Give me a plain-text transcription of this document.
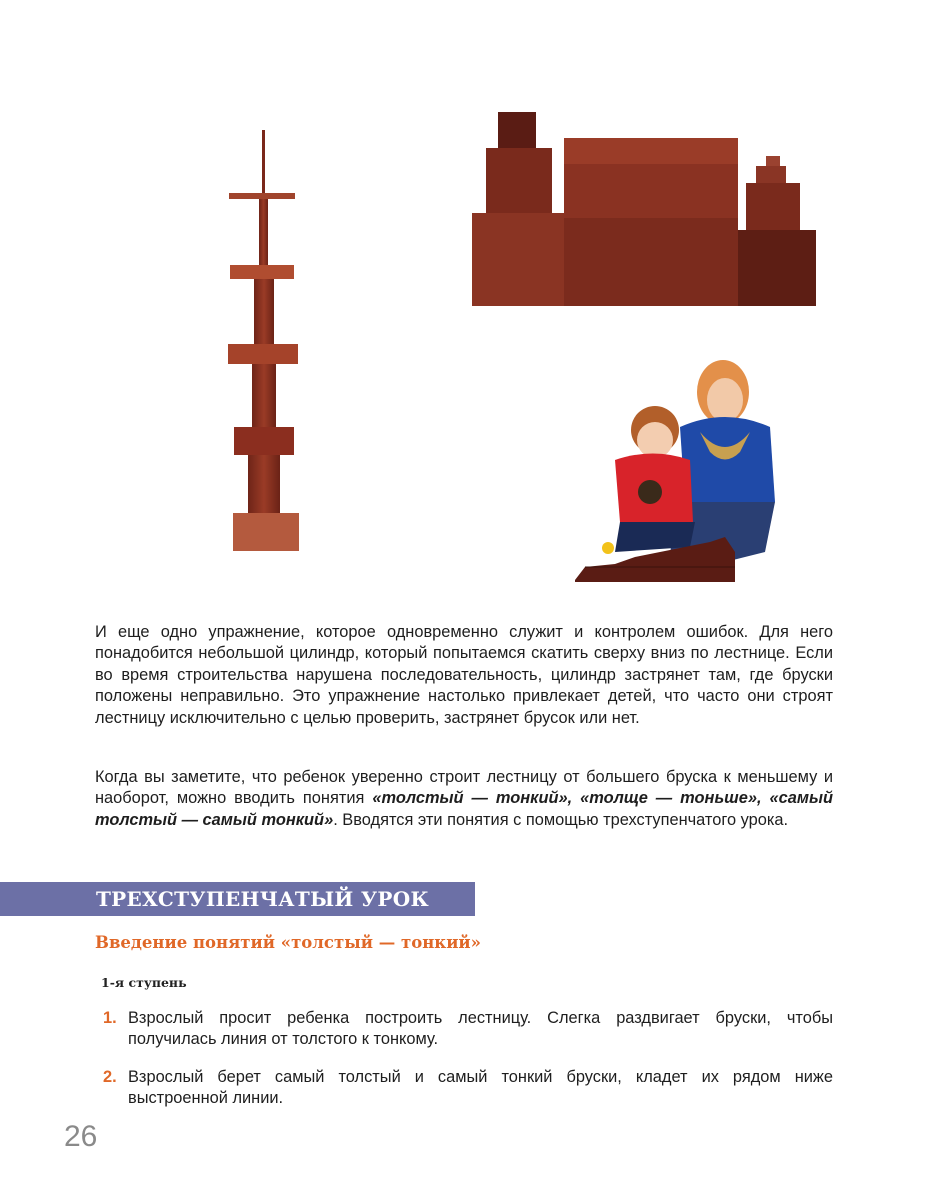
И еще одно упражнение, которое одновременно служит и контролем ошибок. Для него понадобится небольшой цилиндр, который попытаемся скатить сверху вниз по лестнице. Если во время строительства нарушена последовательность, цилиндр застрянет там, где бруски положены неправильно. Это упражнение настолько привлекает детей, что часто они строят лестницу исключительно с целью проверить, застрянет брусок или нет.

Когда вы заметите, что ребенок уверенно строит лестницу от большего бруска к меньшему и наоборот, можно вводить понятия «толстый — тонкий», «толще — тоньше», «самый толстый — самый тонкий». Вводятся эти понятия с помощью трехступенчатого урока.

ТРЕХСТУПЕНЧАТЫЙ УРОК
Введение понятий «толстый — тонкий»
1-я ступень
1. Взрослый просит ребенка построить лестницу. Слегка раздвигает бруски, чтобы получилась линия от толстого к тонкому.
2. Взрослый берет самый толстый и самый тонкий бруски, кладет их рядом ниже выстроенной линии.
26
